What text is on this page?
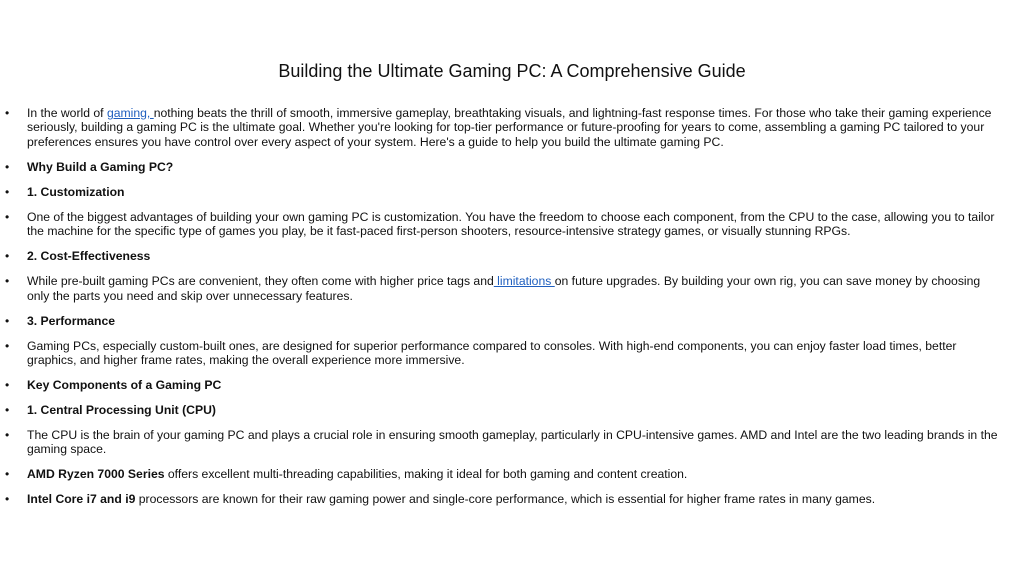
Building the Ultimate Gaming PC: A Comprehensive Guide
• In the world of gaming, nothing beats the thrill of smooth, immersive gameplay, breathtaking visuals, and lightning-fast response times. For those who take their gaming experience seriously, building a gaming PC is the ultimate goal. Whether you're looking for top-tier performance or future-proofing for years to come, assembling a gaming PC tailored to your preferences ensures you have control over every aspect of your system. Here's a guide to help you build the ultimate gaming PC.
• Why Build a Gaming PC?
• 1. Customization
• One of the biggest advantages of building your own gaming PC is customization. You have the freedom to choose each component, from the CPU to the case, allowing you to tailor the machine for the specific type of games you play, be it fast-paced first-person shooters, resource-intensive strategy games, or visually stunning RPGs.
• 2. Cost-Effectiveness
• While pre-built gaming PCs are convenient, they often come with higher price tags and limitations on future upgrades. By building your own rig, you can save money by choosing only the parts you need and skip over unnecessary features.
• 3. Performance
• Gaming PCs, especially custom-built ones, are designed for superior performance compared to consoles. With high-end components, you can enjoy faster load times, better graphics, and higher frame rates, making the overall experience more immersive.
• Key Components of a Gaming PC
• 1. Central Processing Unit (CPU)
• The CPU is the brain of your gaming PC and plays a crucial role in ensuring smooth gameplay, particularly in CPU-intensive games. AMD and Intel are the two leading brands in the gaming space.
• AMD Ryzen 7000 Series offers excellent multi-threading capabilities, making it ideal for both gaming and content creation.
• Intel Core i7 and i9 processors are known for their raw gaming power and single-core performance, which is essential for higher frame rates in many games.
